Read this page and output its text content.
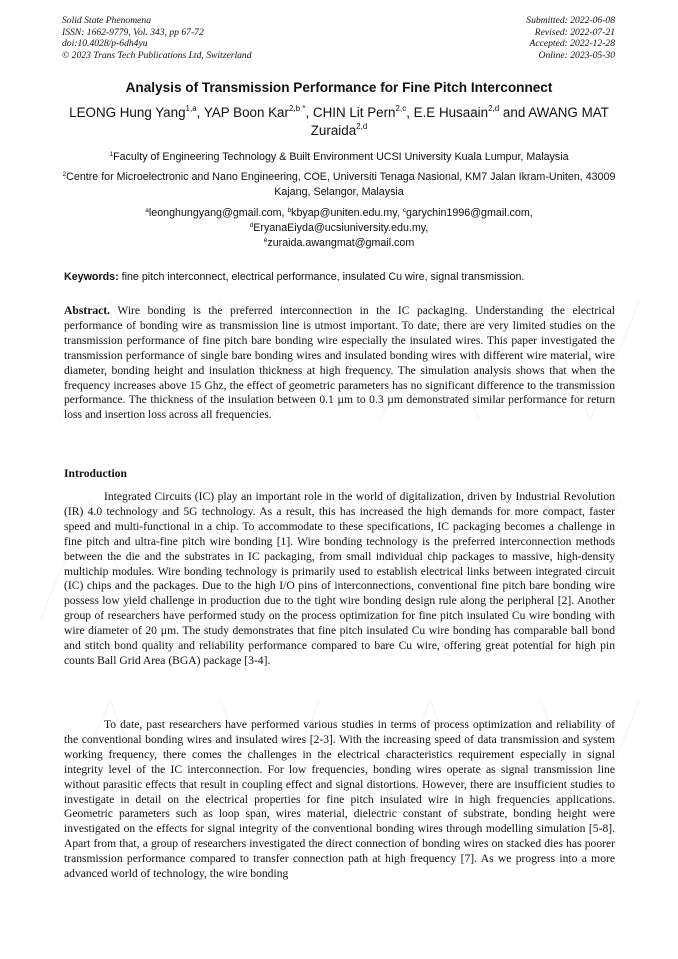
Solid State Phenomena
ISSN: 1662-9779, Vol. 343, pp 67-72
doi:10.4028/p-6dh4yu
© 2023 Trans Tech Publications Ltd, Switzerland
Submitted: 2022-06-08
Revised: 2022-07-21
Accepted: 2022-12-28
Online: 2023-05-30
Analysis of Transmission Performance for Fine Pitch Interconnect
LEONG Hung Yang$^{1,a}$, YAP Boon Kar$^{2,b *}$, CHIN Lit Pern$^{2,c}$, E.E Husaain$^{2,d}$ and AWANG MAT Zuraida$^{2,d}$
$^1$Faculty of Engineering Technology & Built Environment UCSI University Kuala Lumpur, Malaysia
$^2$Centre for Microelectronic and Nano Engineering, COE, Universiti Tenaga Nasional, KM7 Jalan Ikram-Uniten, 43009 Kajang, Selangor, Malaysia
$^a$leonghungyang@gmail.com, $^b$kbyap@uniten.edu.my, $^c$garychin1996@gmail.com,
$^d$EryanaEiyda@ucsiuniversity.edu.my,
$^e$zuraida.awangmat@gmail.com
Keywords: fine pitch interconnect, electrical performance, insulated Cu wire, signal transmission.
Abstract. Wire bonding is the preferred interconnection in the IC packaging. Understanding the electrical performance of bonding wire as transmission line is utmost important. To date, there are very limited studies on the transmission performance of fine pitch bare bonding wire especially the insulated wires. This paper investigated the transmission performance of single bare bonding wires and insulated bonding wires with different wire material, wire diameter, bonding height and insulation thickness at high frequency. The simulation analysis shows that when the frequency increases above 15 Ghz, the effect of geometric parameters has no significant difference to the transmission performance. The thickness of the insulation between 0.1 µm to 0.3 µm demonstrated similar performance for return loss and insertion loss across all frequencies.
Introduction

Integrated Circuits (IC) play an important role in the world of digitalization, driven by Industrial Revolution (IR) 4.0 technology and 5G technology. As a result, this has increased the high demands for more compact, faster speed and multi-functional in a chip. To accommodate to these specifications, IC packaging becomes a challenge in fine pitch and ultra-fine pitch wire bonding [1]. Wire bonding technology is the preferred interconnection methods between the die and the substrates in IC packaging, from small individual chip packages to massive, high-density multichip modules. Wire bonding technology is primarily used to establish electrical links between integrated circuit (IC) chips and the packages. Due to the high I/O pins of interconnections, conventional fine pitch bare bonding wire possess low yield challenge in production due to the tight wire bonding design rule along the peripheral [2]. Another group of researchers have performed study on the process optimization for fine pitch insulated Cu wire bonding with wire diameter of 20 µm. The study demonstrates that fine pitch insulated Cu wire bonding has comparable ball bond and stitch bond quality and reliability performance compared to bare Cu wire, offering great potential for high pin counts Ball Grid Area (BGA) package [3-4].

To date, past researchers have performed various studies in terms of process optimization and reliability of the conventional bonding wires and insulated wires [2-3]. With the increasing speed of data transmission and system working frequency, there comes the challenges in the electrical characteristics requirement especially in signal integrity level of the IC interconnection. For low frequencies, bonding wires operate as signal transmission line without parasitic effects that result in coupling effect and signal distortions. However, there are insufficient studies to investigate in detail on the electrical properties for fine pitch insulated wire in high frequencies applications. Geometric parameters such as loop span, wires material, dielectric constant of substrate, bonding height were investigated on the effects for signal integrity of the conventional bonding wires through modelling simulation [5-8]. Apart from that, a group of researchers investigated the direct connection of bonding wires on stacked dies has poorer transmission performance compared to transfer connection path at high frequency [7]. As we progress into a more advanced world of technology, the wire bonding
